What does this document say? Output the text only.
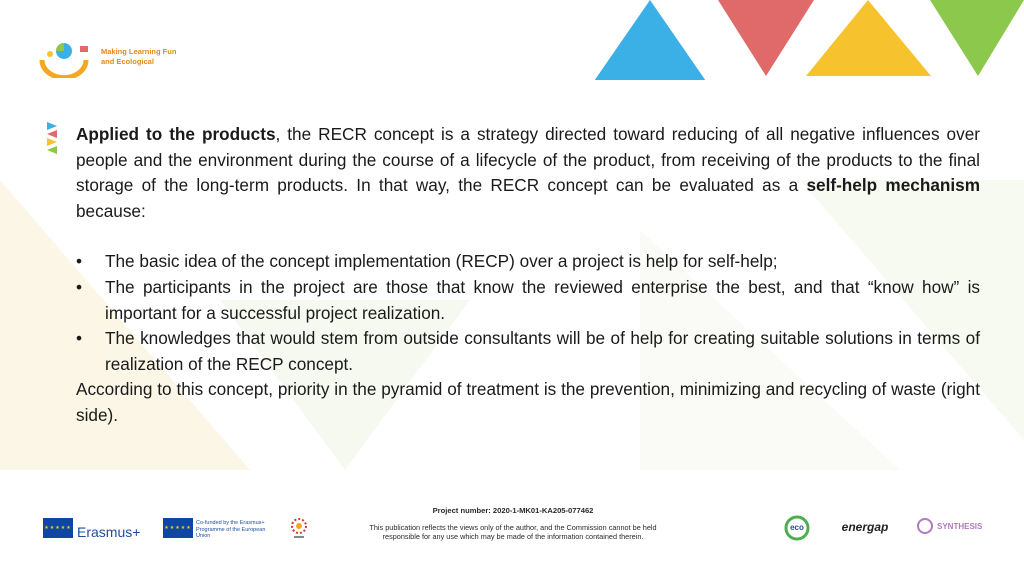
Making Learning Fun
and Ecological

Applied to the products, the RECR concept is a strategy directed toward reducing of all negative influences over people and the environment during the course of a lifecycle of the product, from receiving of the products to the final storage of the long-term products. In that way, the RECR concept can be evaluated as a self-help mechanism because:

• The basic idea of the concept implementation (RECP) over a project is help for self-help;
• The participants in the project are those that know the reviewed enterprise the best, and that “know how” is important for a successful project realization.
• The knowledges that would stem from outside consultants will be of help for creating suitable solutions in terms of realization of the RECP concept.

According to this concept, priority in the pyramid of treatment is the prevention, minimizing and recycling of waste (right side).

★★★★★ Erasmus+	★★★★★
Co-funded by the Erasmus+ Programme of the European Union
Project number: 2020-1-MK01-KA205-077462
This publication reflects the views only of the author, and the Commission cannot be held responsible for any use which may be made of the information contained therein.
eco	energap	SYNTHESIS
